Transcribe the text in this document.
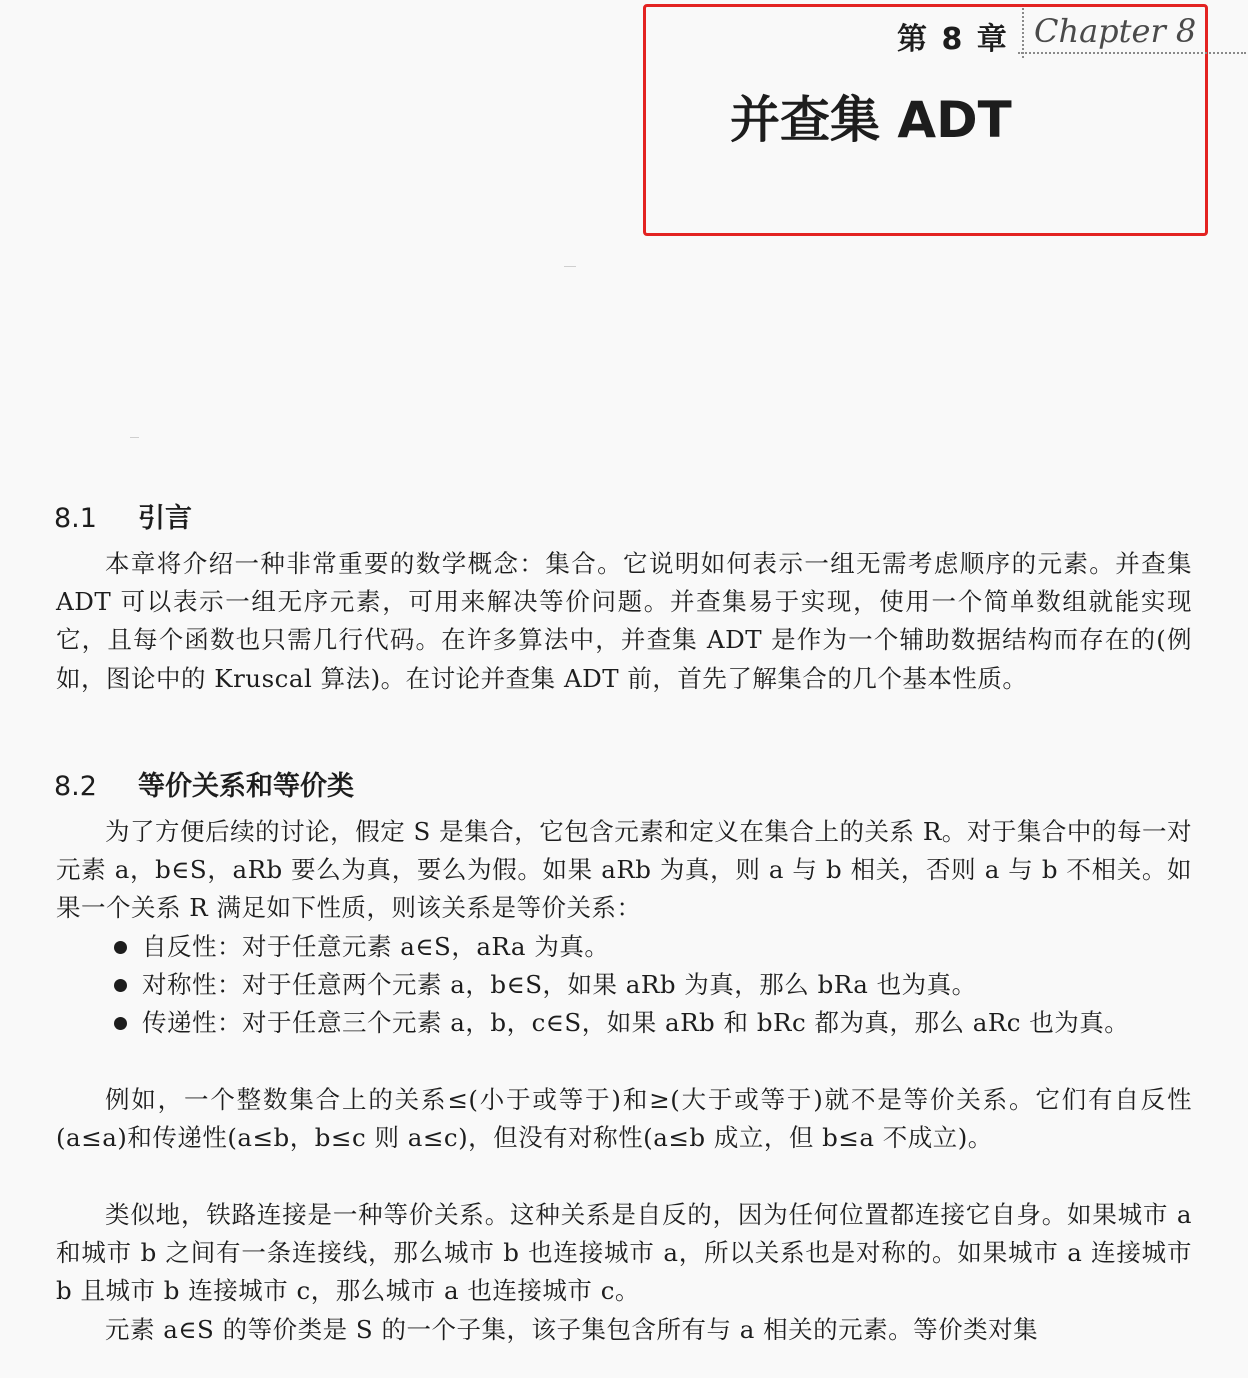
第 8 章 Chapter 8
并查集 ADT
8.1 引言

本章将介绍一种非常重要的数学概念：集合。它说明如何表示一组无需考虑顺序的元素。并查集 ADT 可以表示一组无序元素，可用来解决等价问题。并查集易于实现，使用一个简单数组就能实现它，且每个函数也只需几行代码。在许多算法中，并查集 ADT 是作为一个辅助数据结构而存在的(例如，图论中的 Kruscal 算法)。在讨论并查集 ADT 前，首先了解集合的几个基本性质。

8.2 等价关系和等价类

为了方便后续的讨论，假定 S 是集合，它包含元素和定义在集合上的关系 R。对于集合中的每一对元素 a，b∈S，aRb 要么为真，要么为假。如果 aRb 为真，则 a 与 b 相关，否则 a 与 b 不相关。如果一个关系 R 满足如下性质，则该关系是等价关系：

自反性：对于任意元素 a∈S，aRa 为真。
对称性：对于任意两个元素 a，b∈S，如果 aRb 为真，那么 bRa 也为真。
传递性：对于任意三个元素 a，b，c∈S，如果 aRb 和 bRc 都为真，那么 aRc 也为真。

例如，一个整数集合上的关系≤(小于或等于)和≥(大于或等于)就不是等价关系。它们有自反性(a≤a)和传递性(a≤b，b≤c 则 a≤c)，但没有对称性(a≤b 成立，但 b≤a 不成立)。

类似地，铁路连接是一种等价关系。这种关系是自反的，因为任何位置都连接它自身。如果城市 a 和城市 b 之间有一条连接线，那么城市 b 也连接城市 a，所以关系也是对称的。如果城市 a 连接城市 b 且城市 b 连接城市 c，那么城市 a 也连接城市 c。

元素 a∈S 的等价类是 S 的一个子集，该子集包含所有与 a 相关的元素。等价类对集
